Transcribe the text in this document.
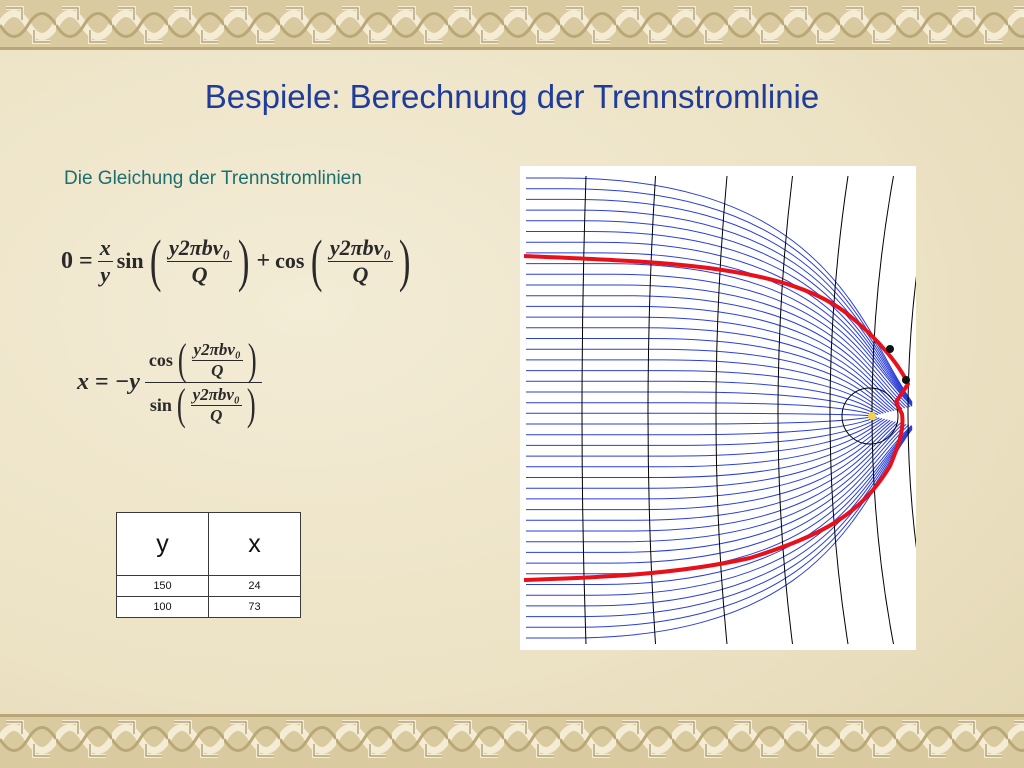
Bespiele: Berechnung der Trennstromlinie
Die Gleichung der Trennstromlinien
$0 = \frac{x}{y}$ sin ( $\frac{\text{y2πbv₀}}{Q}$ ) + cos ( $\frac{\text{y2πbv₀}}{Q}$ )
$x = -y \frac{\cos ( \frac{\text{y2πbv₀}}{Q} )}{\sin ( \frac{\text{y2πbv₀}}{Q} )}$
y	x
150	24
100	73
